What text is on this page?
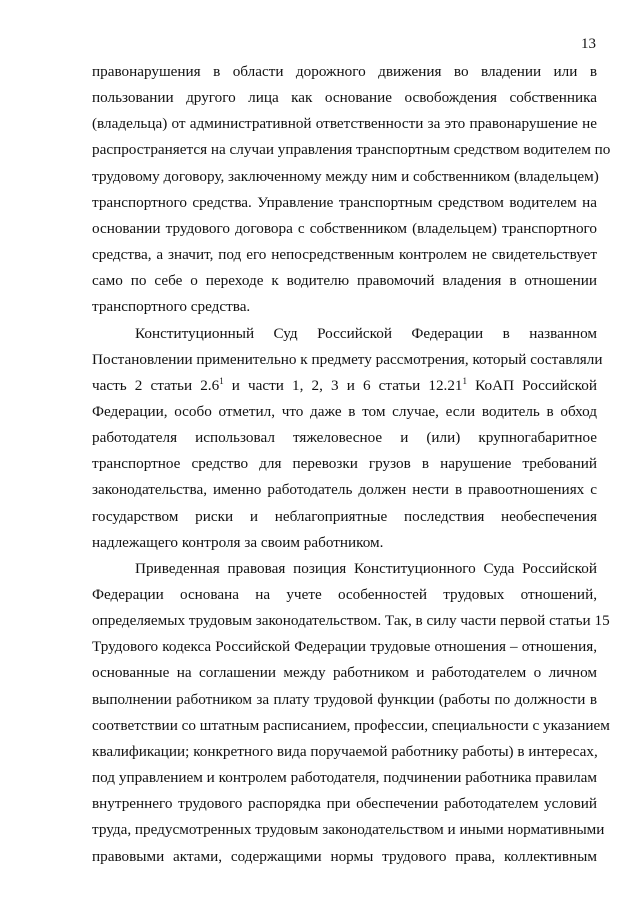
13
правонарушения в области дорожного движения во владении или в
пользовании другого лица как основание освобождения собственника
(владельца) от административной ответственности за это правонарушение не
распространяется на случаи управления транспортным средством водителем по
трудовому договору, заключенному между ним и собственником (владельцем)
транспортного средства. Управление транспортным средством водителем на
основании трудового договора с собственником (владельцем) транспортного
средства, а значит, под его непосредственным контролем не свидетельствует
само по себе о переходе к водителю правомочий владения в отношении
транспортного средства.
Конституционный Суд Российской Федерации в названном
Постановлении применительно к предмету рассмотрения, который составляли
часть 2 статьи $2.6^1$ и части 1, 2, 3 и 6 статьи 12.21$^1$ КоАП Российской
Федерации, особо отметил, что даже в том случае, если водитель в обход
работодателя использовал тяжеловесное и (или) крупногабаритное
транспортное средство для перевозки грузов в нарушение требований
законодательства, именно работодатель должен нести в правоотношениях с
государством риски и неблагоприятные последствия необеспечения
надлежащего контроля за своим работником.
Приведенная правовая позиция Конституционного Суда Российской
Федерации основана на учете особенностей трудовых отношений,
определяемых трудовым законодательством. Так, в силу части первой статьи 15
Трудового кодекса Российской Федерации трудовые отношения – отношения,
основанные на соглашении между работником и работодателем о личном
выполнении работником за плату трудовой функции (работы по должности в
соответствии со штатным расписанием, профессии, специальности с указанием
квалификации; конкретного вида поручаемой работнику работы) в интересах,
под управлением и контролем работодателя, подчинении работника правилам
внутреннего трудового распорядка при обеспечении работодателем условий
труда, предусмотренных трудовым законодательством и иными нормативными
правовыми актами, содержащими нормы трудового права, коллективным
